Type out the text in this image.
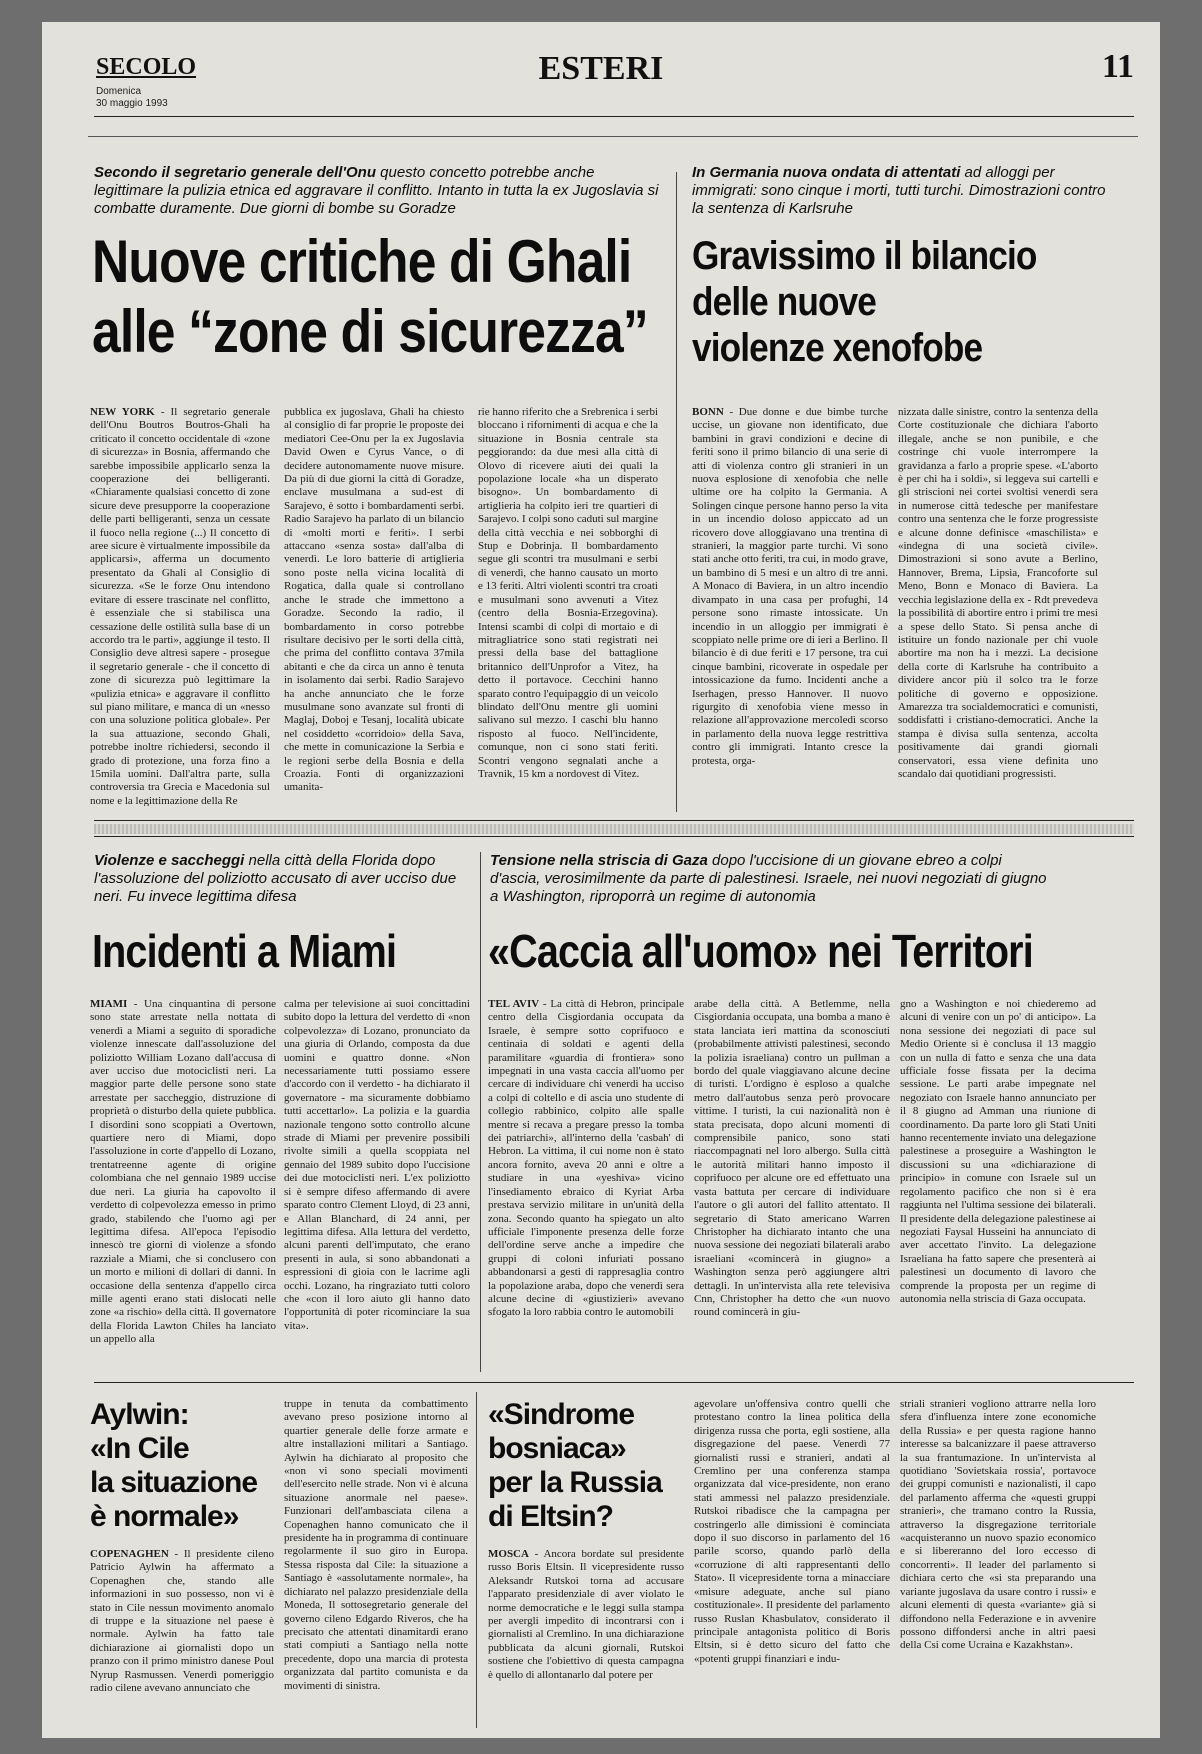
SECOLO
Domenica
30 maggio 1993
ESTERI	11
Secondo il segretario generale dell'Onu questo concetto potrebbe anche legittimare la pulizia etnica ed aggravare il conflitto. Intanto in tutta la ex Jugoslavia si combatte duramente. Due giorni di bombe su Goradze
Nuove critiche di Ghali
alle “zone di sicurezza”
NEW YORK - Il segretario generale dell'Onu Boutros Boutros-Ghali ha criticato il concetto occidentale di «zone di sicurezza» in Bosnia, affermando che sarebbe impossibile applicarlo senza la cooperazione dei belligeranti. «Chiaramente qualsiasi concetto di zone sicure deve presupporre la cooperazione delle parti belligeranti, senza un cessate il fuoco nella regione (...) Il concetto di aree sicure è virtualmente impossibile da applicarsi», afferma un documento presentato da Ghali al Consiglio di sicurezza. «Se le forze Onu intendono evitare di essere trascinate nel conflitto, è essenziale che si stabilisca una cessazione delle ostilità sulla base di un accordo tra le parti», aggiunge il testo. Il Consiglio deve altresì sapere - prosegue il segretario generale - che il concetto di zone di sicurezza può legittimare la «pulizia etnica» e aggravare il conflitto sul piano militare, e manca di un «nesso con una soluzione politica globale». Per la sua attuazione, secondo Ghali, potrebbe inoltre richiedersi, secondo il grado di protezione, una forza fino a 15mila uomini. Dall'altra parte, sulla controversia tra Grecia e Macedonia sul nome e la legittimazione della Re
pubblica ex jugoslava, Ghali ha chiesto al consiglio di far proprie le proposte dei mediatori Cee-Onu per la ex Jugoslavia David Owen e Cyrus Vance, o di decidere autonomamente nuove misure. Da più di due giorni la città di Goradze, enclave musulmana a sud-est di Sarajevo, è sotto i bombardamenti serbi. Radio Sarajevo ha parlato di un bilancio di «molti morti e feriti». I serbi attaccano «senza sosta» dall'alba di venerdì. Le loro batterie di artiglieria sono poste nella vicina località di Rogatica, dalla quale si controllano anche le strade che immettono a Goradze. Secondo la radio, il bombardamento in corso potrebbe risultare decisivo per le sorti della città, che prima del conflitto contava 37mila abitanti e che da circa un anno è tenuta in isolamento dai serbi. Radio Sarajevo ha anche annunciato che le forze musulmane sono avanzate sul fronti di Maglaj, Doboj e Tesanj, località ubicate nel cosiddetto «corridoio» della Sava, che mette in comunicazione la Serbia e le regioni serbe della Bosnia e della Croazia. Fonti di organizzazioni umanita-
rie hanno riferito che a Srebrenica i serbi bloccano i rifornimenti di acqua e che la situazione in Bosnia centrale sta peggiorando: da due mesi alla città di Olovo di ricevere aiuti dei quali la popolazione locale «ha un disperato bisogno». Un bombardamento di artiglieria ha colpito ieri tre quartieri di Sarajevo. I colpi sono caduti sul margine della città vecchia e nei sobborghi di Stup e Dobrinja. Il bombardamento segue gli scontri tra musulmani e serbi di venerdì, che hanno causato un morto e 13 feriti. Altri violenti scontri tra croati e musulmani sono avvenuti a Vitez (centro della Bosnia-Erzegovina). Intensi scambi di colpi di mortaio e di mitragliatrice sono stati registrati nei pressi della base del battaglione britannico dell'Unprofor a Vitez, ha detto il portavoce. Cecchini hanno sparato contro l'equipaggio di un veicolo blindato dell'Onu mentre gli uomini salivano sul mezzo. I caschi blu hanno risposto al fuoco. Nell'incidente, comunque, non ci sono stati feriti. Scontri vengono segnalati anche a Travnik, 15 km a nordovest di Vitez.
In Germania nuova ondata di attentati ad alloggi per immigrati: sono cinque i morti, tutti turchi. Dimostrazioni contro la sentenza di Karlsruhe
Gravissimo il bilancio
delle nuove
violenze xenofobe
BONN - Due donne e due bimbe turche uccise, un giovane non identificato, due bambini in gravi condizioni e decine di feriti sono il primo bilancio di una serie di atti di violenza contro gli stranieri in un nuova esplosione di xenofobia che nelle ultime ore ha colpito la Germania. A Solingen cinque persone hanno perso la vita in un incendio doloso appiccato ad un ricovero dove alloggiavano una trentina di stranieri, la maggior parte turchi. Vi sono stati anche otto feriti, tra cui, in modo grave, un bambino di 5 mesi e un altro di tre anni. A Monaco di Baviera, in un altro incendio divampato in una casa per profughi, 14 persone sono rimaste intossicate. Un incendio in un alloggio per immigrati è scoppiato nelle prime ore di ieri a Berlino. Il bilancio è di due feriti e 17 persone, tra cui cinque bambini, ricoverate in ospedale per intossicazione da fumo. Incidenti anche a Iserhagen, presso Hannover. Il nuovo rigurgito di xenofobia viene messo in relazione all'approvazione mercoledì scorso in parlamento della nuova legge restrittiva contro gli immigrati. Intanto cresce la protesta, orga-
nizzata dalle sinistre, contro la sentenza della Corte costituzionale che dichiara l'aborto illegale, anche se non punibile, e che costringe chi vuole interrompere la gravidanza a farlo a proprie spese. «L'aborto è per chi ha i soldi», si leggeva sui cartelli e gli striscioni nei cortei svoltisi venerdì sera in numerose città tedesche per manifestare contro una sentenza che le forze progressiste e alcune donne definisce «maschilista» e «indegna di una società civile». Dimostrazioni si sono avute a Berlino, Hannover, Brema, Lipsia, Francoforte sul Meno, Bonn e Monaco di Baviera. La vecchia legislazione della ex - Rdt prevedeva la possibilità di abortire entro i primi tre mesi a spese dello Stato. Si pensa anche di istituire un fondo nazionale per chi vuole abortire ma non ha i mezzi. La decisione della corte di Karlsruhe ha contribuito a dividere ancor più il solco tra le forze politiche di governo e opposizione. Amarezza tra socialdemocratici e comunisti, soddisfatti i cristiano-democratici. Anche la stampa è divisa sulla sentenza, accolta positivamente dai grandi giornali conservatori, essa viene definita uno scandalo dai quotidiani progressisti.
Violenze e saccheggi nella città della Florida dopo l'assoluzione del poliziotto accusato di aver ucciso due neri. Fu invece legittima difesa
Incidenti a Miami
MIAMI - Una cinquantina di persone sono state arrestate nella nottata di venerdì a Miami a seguito di sporadiche violenze innescate dall'assoluzione del poliziotto William Lozano dall'accusa di aver ucciso due motociclisti neri. La maggior parte delle persone sono state arrestate per saccheggio, distruzione di proprietà o disturbo della quiete pubblica. I disordini sono scoppiati a Overtown, quartiere nero di Miami, dopo l'assoluzione in corte d'appello di Lozano, trentatreenne agente di origine colombiana che nel gennaio 1989 uccise due neri. La giuria ha capovolto il verdetto di colpevolezza emesso in primo grado, stabilendo che l'uomo agì per legittima difesa. All'epoca l'episodio innescò tre giorni di violenze a sfondo razziale a Miami, che si conclusero con un morto e milioni di dollari di danni. In occasione della sentenza d'appello circa mille agenti erano stati dislocati nelle zone «a rischio» della città. Il governatore della Florida Lawton Chiles ha lanciato un appello alla
calma per televisione ai suoi concittadini subito dopo la lettura del verdetto di «non colpevolezza» di Lozano, pronunciato da una giuria di Orlando, composta da due uomini e quattro donne. «Non necessariamente tutti possiamo essere d'accordo con il verdetto - ha dichiarato il governatore - ma sicuramente dobbiamo tutti accettarlo». La polizia e la guardia nazionale tengono sotto controllo alcune strade di Miami per prevenire possibili rivolte simili a quella scoppiata nel gennaio del 1989 subito dopo l'uccisione dei due motociclisti neri. L'ex poliziotto si è sempre difeso affermando di avere sparato contro Clement Lloyd, di 23 anni, e Allan Blanchard, di 24 anni, per legittima difesa. Alla lettura del verdetto, alcuni parenti dell'imputato, che erano presenti in aula, si sono abbandonati a espressioni di gioia con le lacrime agli occhi. Lozano, ha ringraziato tutti coloro che «con il loro aiuto gli hanno dato l'opportunità di poter ricominciare la sua vita».
Tensione nella striscia di Gaza dopo l'uccisione di un giovane ebreo a colpi d'ascia, verosimilmente da parte di palestinesi. Israele, nei nuovi negoziati di giugno a Washington, riproporrà un regime di autonomia
«Caccia all'uomo» nei Territori
TEL AVIV - La città di Hebron, principale centro della Cisgiordania occupata da Israele, è sempre sotto coprifuoco e centinaia di soldati e agenti della paramilitare «guardia di frontiera» sono impegnati in una vasta caccia all'uomo per cercare di individuare chi venerdì ha ucciso a colpi di coltello e di ascia uno studente di collegio rabbinico, colpito alle spalle mentre si recava a pregare presso la tomba dei patriarchi», all'interno della 'casbah' di Hebron. La vittima, il cui nome non è stato ancora fornito, aveva 20 anni e oltre a studiare in una «yeshiva» vicino l'insediamento ebraico di Kyriat Arba prestava servizio militare in un'unità della zona. Secondo quanto ha spiegato un alto ufficiale l'imponente presenza delle forze dell'ordine serve anche a impedire che gruppi di coloni infuriati possano abbandonarsi a gesti di rappresaglia contro la popolazione araba, dopo che venerdì sera alcune decine di «giustizieri» avevano sfogato la loro rabbia contro le automobili
arabe della città. A Betlemme, nella Cisgiordania occupata, una bomba a mano è stata lanciata ieri mattina da sconosciuti (probabilmente attivisti palestinesi, secondo la polizia israeliana) contro un pullman a bordo del quale viaggiavano alcune decine di turisti. L'ordigno è esploso a qualche metro dall'autobus senza però provocare vittime. I turisti, la cui nazionalità non è stata precisata, dopo alcuni momenti di comprensibile panico, sono stati riaccompagnati nel loro albergo. Sulla città le autorità militari hanno imposto il coprifuoco per alcune ore ed effettuato una vasta battuta per cercare di individuare l'autore o gli autori del fallito attentato. Il segretario di Stato americano Warren Christopher ha dichiarato intanto che una nuova sessione dei negoziati bilaterali arabo israeliani «comincerà in giugno» a Washington senza però aggiungere altri dettagli. In un'intervista alla rete televisiva Cnn, Christopher ha detto che «un nuovo round comincerà in giu-
gno a Washington e noi chiederemo ad alcuni di venire con un po' di anticipo». La nona sessione dei negoziati di pace sul Medio Oriente si è conclusa il 13 maggio con un nulla di fatto e senza che una data ufficiale fosse fissata per la decima sessione. Le parti arabe impegnate nel negoziato con Israele hanno annunciato per il 8 giugno ad Amman una riunione di coordinamento. Da parte loro gli Stati Uniti hanno recentemente inviato una delegazione palestinese a proseguire a Washington le discussioni su una «dichiarazione di principio» in comune con Israele sul un regolamento pacifico che non si è era raggiunta nel l'ultima sessione dei bilaterali. Il presidente della delegazione palestinese ai negoziati Faysal Husseini ha annunciato di aver accettato l'invito. La delegazione Israeliana ha fatto sapere che presenterà ai palestinesi un documento di lavoro che comprende la proposta per un regime di autonomia nella striscia di Gaza occupata.
Aylwin:
«In Cile
la situazione
è normale»
COPENAGHEN - Il presidente cileno Patricio Aylwin ha affermato a Copenaghen che, stando alle informazioni in suo possesso, non vi è stato in Cile nessun movimento anomalo di truppe e la situazione nel paese è normale. Aylwin ha fatto tale dichiarazione ai giornalisti dopo un pranzo con il primo ministro danese Poul Nyrup Rasmussen. Venerdì pomeriggio radio cilene avevano annunciato che
truppe in tenuta da combattimento avevano preso posizione intorno al quartier generale delle forze armate e altre installazioni militari a Santiago. Aylwin ha dichiarato al proposito che «non vi sono speciali movimenti dell'esercito nelle strade. Non vi è alcuna situazione anormale nel paese». Funzionari dell'ambasciata cilena a Copenaghen hanno comunicato che il presidente ha in programma di continuare regolarmente il suo giro in Europa. Stessa risposta dal Cile: la situazione a Santiago è «assolutamente normale», ha dichiarato nel palazzo presidenziale della Moneda, Il sottosegretario generale del governo cileno Edgardo Riveros, che ha precisato che attentati dinamitardi erano stati compiuti a Santiago nella notte precedente, dopo una marcia di protesta organizzata dal partito comunista e da movimenti di sinistra.
«Sindrome
bosniaca»
per la Russia
di Eltsin?
MOSCA - Ancora bordate sul presidente russo Boris Eltsin. Il vicepresidente russo Aleksandr Rutskoi torna ad accusare l'apparato presidenziale di aver violato le norme democratiche e le leggi sulla stampa per avergli impedito di incontrarsi con i giornalisti al Cremlino. In una dichiarazione pubblicata da alcuni giornali, Rutskoi sostiene che l'obiettivo di questa campagna è quello di allontanarlo dal potere per
agevolare un'offensiva contro quelli che protestano contro la linea politica della dirigenza russa che porta, egli sostiene, alla disgregazione del paese. Venerdì 77 giornalisti russi e stranieri, andati al Cremlino per una conferenza stampa organizzata dal vice-presidente, non erano stati ammessi nel palazzo presidenziale. Rutskoi ribadisce che la campagna per costringerlo alle dimissioni è cominciata dopo il suo discorso in parlamento del 16 parile scorso, quando parlò della «corruzione di alti rappresentanti dello Stato». Il vicepresidente torna a minacciare «misure adeguate, anche sul piano costituzionale». Il presidente del parlamento russo Ruslan Khasbulatov, considerato il principale antagonista politico di Boris Eltsin, si è detto sicuro del fatto che «potenti gruppi finanziari e indu-
striali stranieri vogliono attrarre nella loro sfera d'influenza intere zone economiche della Russia» e per questa ragione hanno interesse sa balcanizzare il paese attraverso la sua frantumazione. In un'intervista al quotidiano 'Sovietskaia rossia', portavoce dei gruppi comunisti e nazionalisti, il capo del parlamento afferma che «questi gruppi stranieri», che tramano contro la Russia, attraverso la disgregazione territoriale «acquisteranno un nuovo spazio economico e si libereranno del loro eccesso di concorrenti». Il leader del parlamento si dichiara certo che «si sta preparando una variante jugoslava da usare contro i russi» e alcuni elementi di questa «variante» già si diffondono nella Federazione e in avvenire possono diffondersi anche in altri paesi della Csi come Ucraina e Kazakhstan».
